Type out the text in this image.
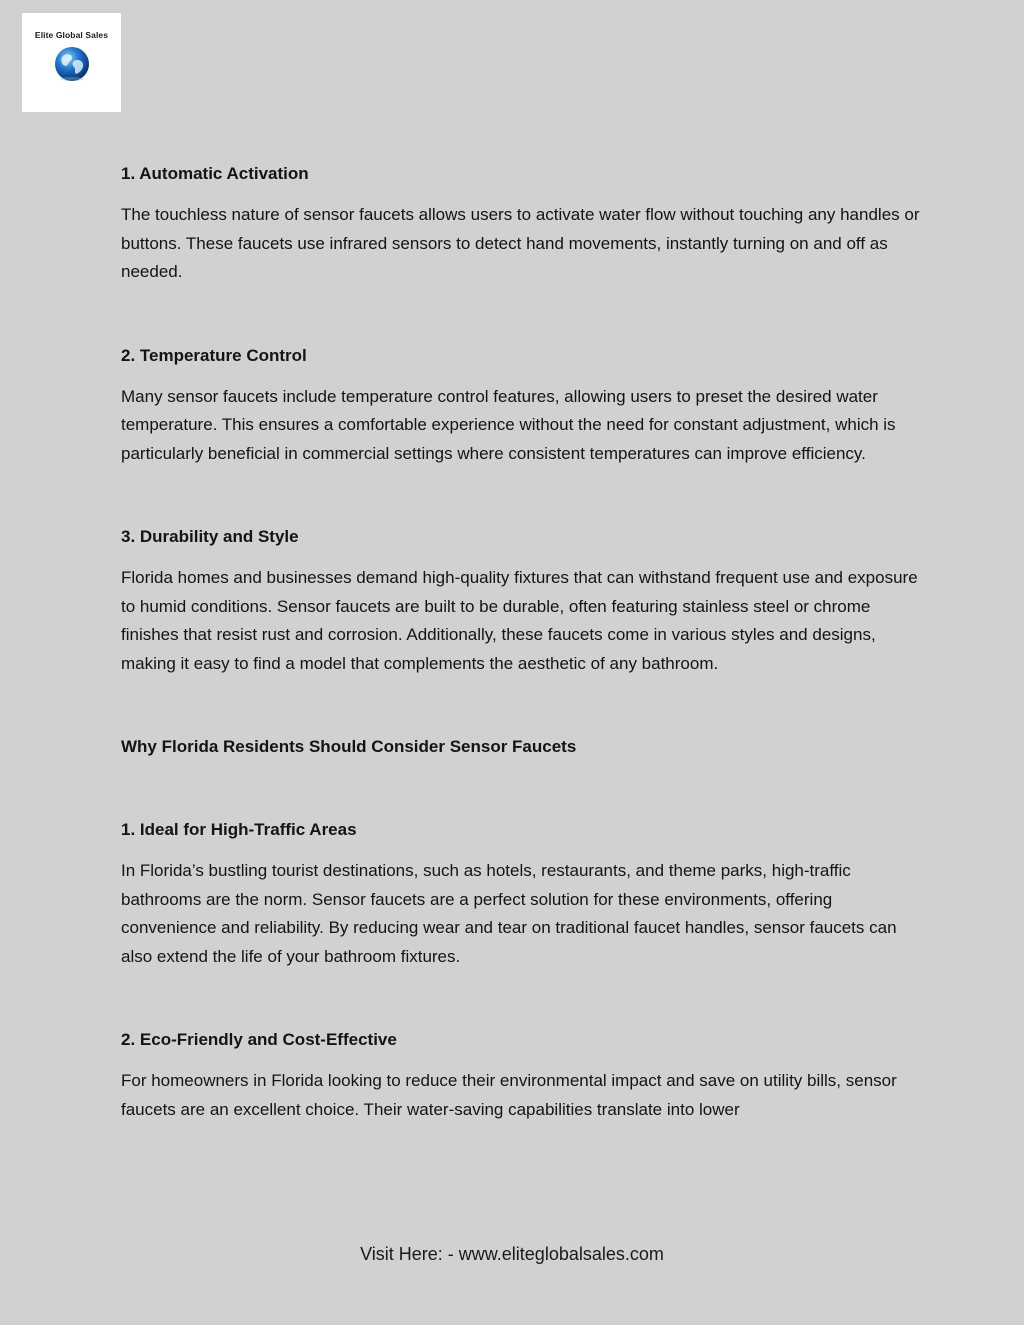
Elite Global Sales

1. Automatic Activation

The touchless nature of sensor faucets allows users to activate water flow without touching any handles or buttons. These faucets use infrared sensors to detect hand movements, instantly turning on and off as needed.

2. Temperature Control

Many sensor faucets include temperature control features, allowing users to preset the desired water temperature. This ensures a comfortable experience without the need for constant adjustment, which is particularly beneficial in commercial settings where consistent temperatures can improve efficiency.

3. Durability and Style

Florida homes and businesses demand high-quality fixtures that can withstand frequent use and exposure to humid conditions. Sensor faucets are built to be durable, often featuring stainless steel or chrome finishes that resist rust and corrosion. Additionally, these faucets come in various styles and designs, making it easy to find a model that complements the aesthetic of any bathroom.

Why Florida Residents Should Consider Sensor Faucets

1. Ideal for High-Traffic Areas

In Florida’s bustling tourist destinations, such as hotels, restaurants, and theme parks, high-traffic bathrooms are the norm. Sensor faucets are a perfect solution for these environments, offering convenience and reliability. By reducing wear and tear on traditional faucet handles, sensor faucets can also extend the life of your bathroom fixtures.

2. Eco-Friendly and Cost-Effective

For homeowners in Florida looking to reduce their environmental impact and save on utility bills, sensor faucets are an excellent choice. Their water-saving capabilities translate into lower

Visit Here: - www.eliteglobalsales.com
